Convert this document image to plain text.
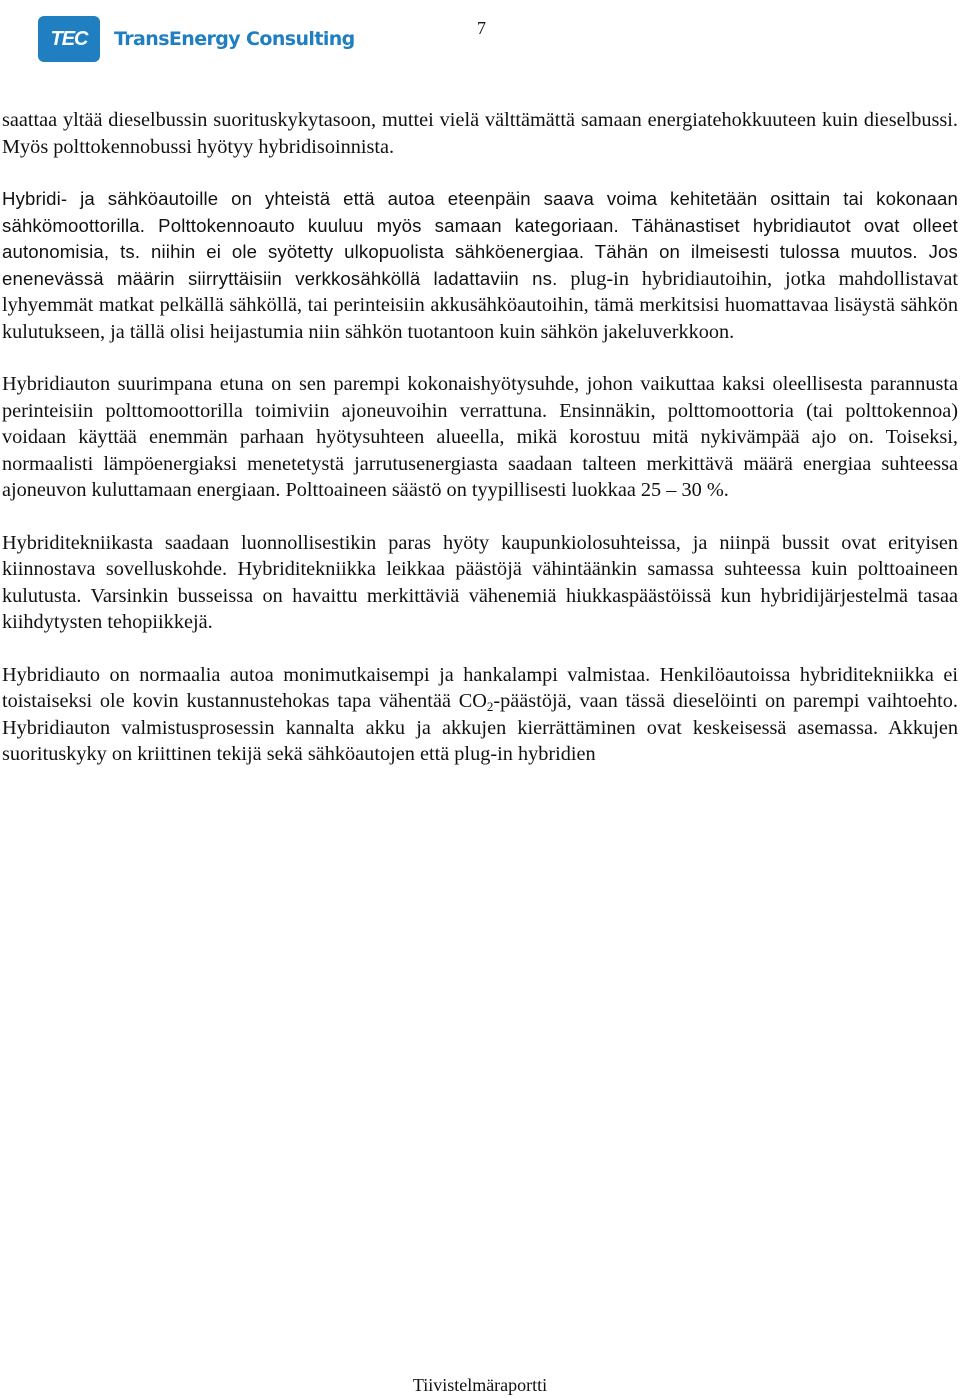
TEC TransEnergy Consulting	7

saattaa yltää dieselbussin suorituskykytasoon, muttei vielä välttämättä samaan energiatehokkuuteen kuin dieselbussi. Myös polttokennobussi hyötyy hybridisoinnista.

Hybridi- ja sähköautoille on yhteistä että autoa eteenpäin saava voima kehitetään osittain tai kokonaan sähkömoottorilla. Polttokennoauto kuuluu myös samaan kategoriaan. Tähänastiset hybridiautot ovat olleet autonomisia, ts. niihin ei ole syötetty ulkopuolista sähköenergiaa. Tähän on ilmeisesti tulossa muutos. Jos enenevässä määrin siirryttäisiin verkkosähköllä ladattaviin ns. plug-in hybridiautoihin, jotka mahdollistavat lyhyemmät matkat pelkällä sähköllä, tai perinteisiin akkusähköautoihin, tämä merkitsisi huomattavaa lisäystä sähkön kulutukseen, ja tällä olisi heijastumia niin sähkön tuotantoon kuin sähkön jakeluverkkoon.

Hybridiauton suurimpana etuna on sen parempi kokonaishyötysuhde, johon vaikuttaa kaksi oleellisesta parannusta perinteisiin polttomoottorilla toimiviin ajoneuvoihin verrattuna. Ensinnäkin, polttomoottoria (tai polttokennoa) voidaan käyttää enemmän parhaan hyötysuhteen alueella, mikä korostuu mitä nykivämpää ajo on. Toiseksi, normaalisti lämpöenergiaksi menetetystä jarrutusenergiasta saadaan talteen merkittävä määrä energiaa suhteessa ajoneuvon kuluttamaan energiaan. Polttoaineen säästö on tyypillisesti luokkaa 25 – 30 %.

Hybriditekniikasta saadaan luonnollisestikin paras hyöty kaupunkiolosuhteissa, ja niinpä bussit ovat erityisen kiinnostava sovelluskohde. Hybriditekniikka leikkaa päästöjä vähintäänkin samassa suhteessa kuin polttoaineen kulutusta. Varsinkin busseissa on havaittu merkittäviä vähenemiä hiukkaspäästöissä kun hybridijärjestelmä tasaa kiihdytysten tehopiikkejä.

Hybridiauto on normaalia autoa monimutkaisempi ja hankalampi valmistaa. Henkilöautoissa hybriditekniikka ei toistaiseksi ole kovin kustannustehokas tapa vähentää $CO_2$-päästöjä, vaan tässä dieselöinti on parempi vaihtoehto. Hybridiauton valmistusprosessin kannalta akku ja akkujen kierrättäminen ovat keskeisessä asemassa. Akkujen suorituskyky on kriittinen tekijä sekä sähköautojen että plug-in hybridien

Tiivistelmäraportti
